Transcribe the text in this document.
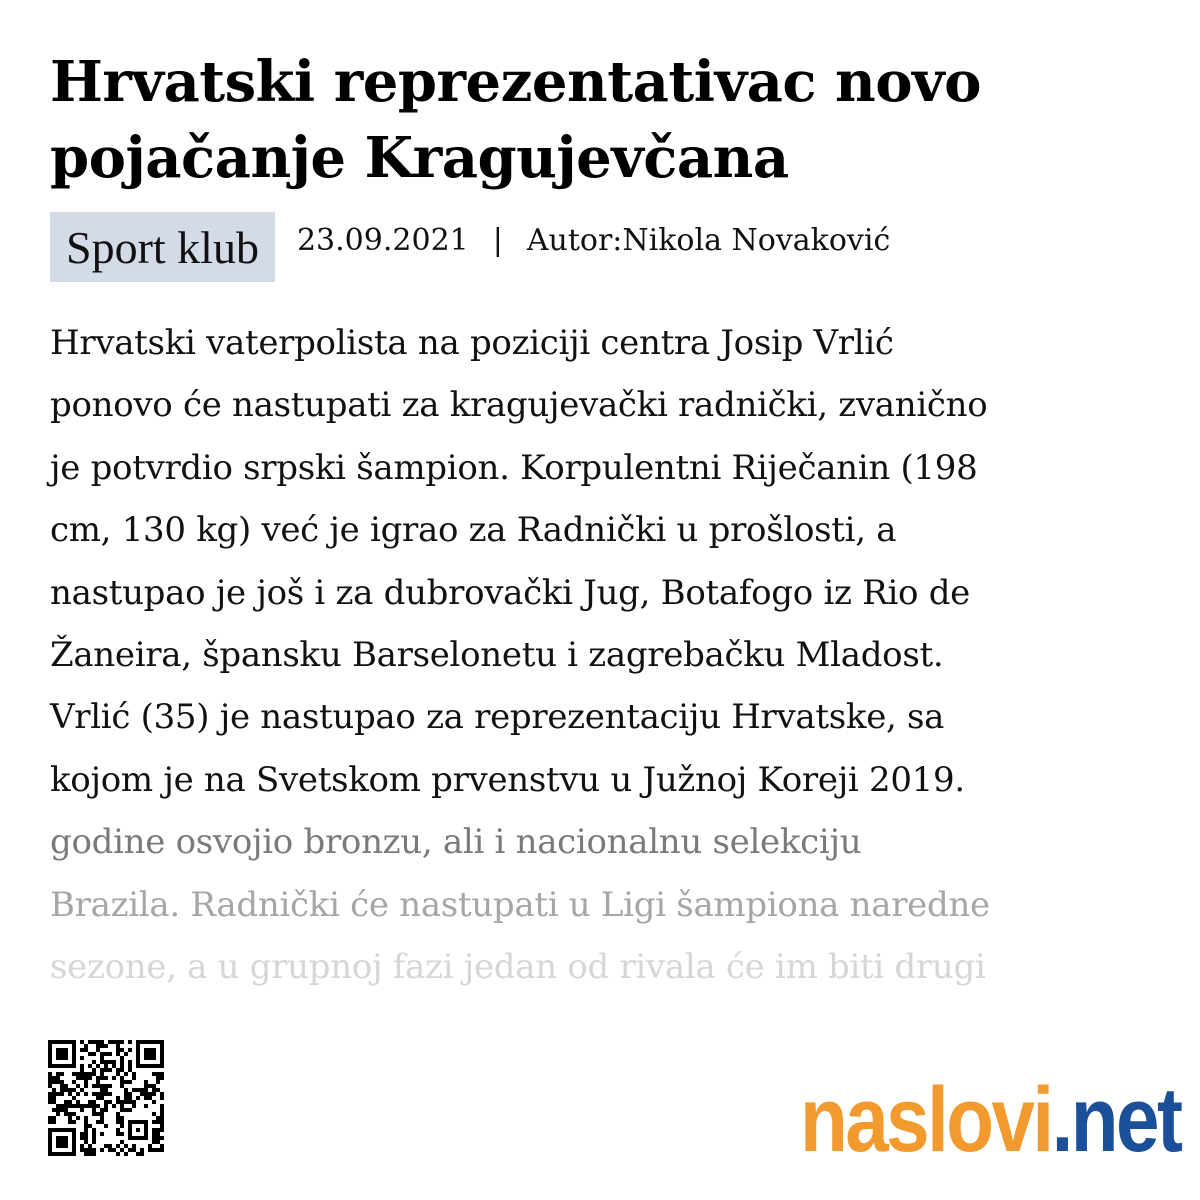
Hrvatski reprezentativac novo pojačanje Kragujevčana
Sport klub	23.09.2021 | Autor:Nikola Novaković
Hrvatski vaterpolista na poziciji centra Josip Vrlić
ponovo će nastupati za kragujevački radnički, zvanično
je potvrdio srpski šampion. Korpulentni Riječanin (198
cm, 130 kg) već je igrao za Radnički u prošlosti, a
nastupao je još i za dubrovački Jug, Botafogo iz Rio de
Žaneira, špansku Barselonetu i zagrebačku Mladost.
Vrlić (35) je nastupao za reprezentaciju Hrvatske, sa
kojom je na Svetskom prvenstvu u Južnoj Koreji 2019.
godine osvojio bronzu, ali i nacionalnu selekciju
Brazila. Radnički će nastupati u Ligi šampiona naredne
sezone, a u grupnoj fazi jedan od rivala će im biti drugi
naslovi .net
